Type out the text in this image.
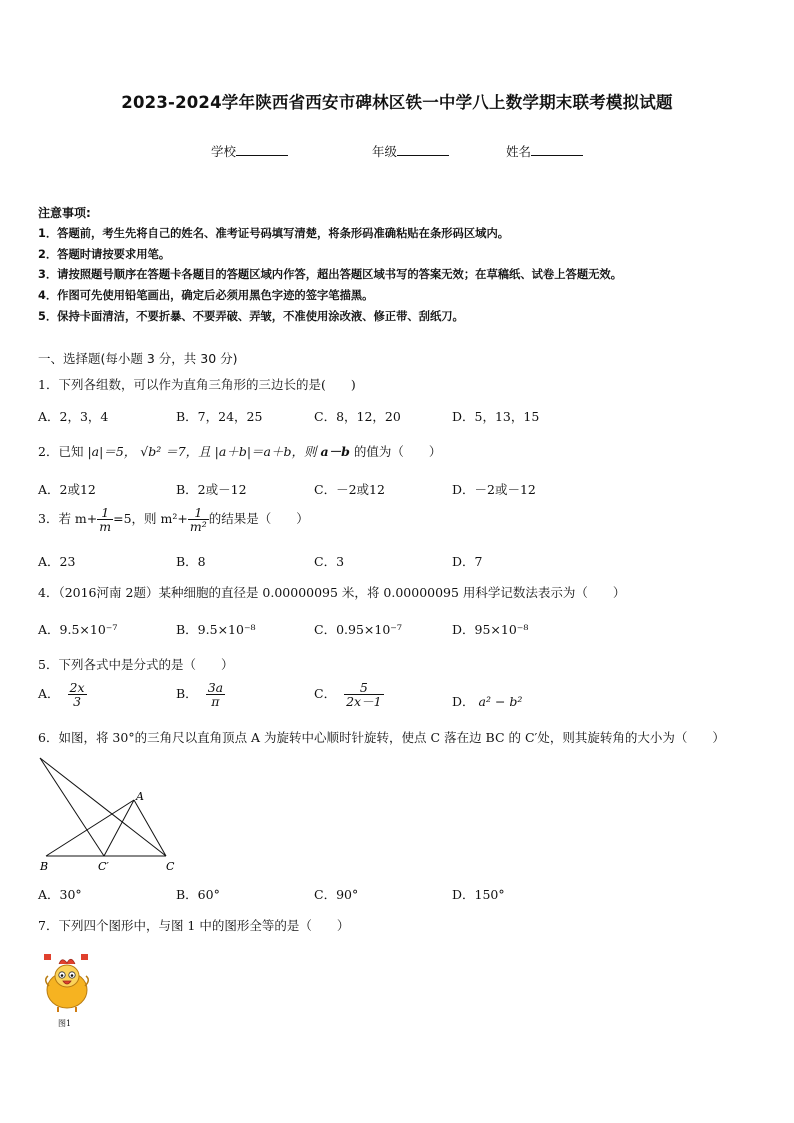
2023-2024学年陕西省西安市碑林区铁一中学八上数学期末联考模拟试题
学校	年级	姓名
注意事项:
1．答题前，考生先将自己的姓名、准考证号码填写清楚，将条形码准确粘贴在条形码区域内。
2．答题时请按要求用笔。
3．请按照题号顺序在答题卡各题目的答题区域内作答，超出答题区域书写的答案无效；在草稿纸、试卷上答题无效。
4．作图可先使用铅笔画出，确定后必须用黑色字迹的签字笔描黑。
5．保持卡面清洁，不要折暴、不要弄破、弄皱，不准使用涂改液、修正带、刮纸刀。
一、选择题(每小题 3 分，共 30 分)
1．下列各组数，可以作为直角三角形的三边长的是(　　)
A．2，3，4	B．7，24，25	C．8，12，20	D．5，13，15
2．已知 |a|＝5， √b² ＝7，且 |a＋b|＝a＋b，则 a－b 的值为（　　）
A．2或12	B．2或－12	C．－2或12	D．－2或－12
3．若 $m+ \frac{1}{m} =5$，则 $m^2+ \frac{1}{\text{m²}}$ 的结果是（　　）
A．23	B．8	C．3	D．7
4．（2016河南 2题）某种细胞的直径是 0.00000095 米，将 0.00000095 用科学记数法表示为（　　）
A．9.5×10⁻⁷	B．9.5×10⁻⁸	C．0.95×10⁻⁷	D．95×10⁻⁸
5．下列各式中是分式的是（　　）
A． $\frac{2x}{3}$	B． $\frac{3a}{\pi}$	C． $\frac{5}{2x-1}$	D． a² − b²
6．如图，将 30°的三角尺以直角顶点 A 为旋转中心顺时针旋转，使点 C 落在边 BC 的 C′处，则其旋转角的大小为（　　）
A
B	C′	C
A．30°	B．60°	C．90°	D．150°
7．下列四个图形中，与图 1 中的图形全等的是（　　）
图1
